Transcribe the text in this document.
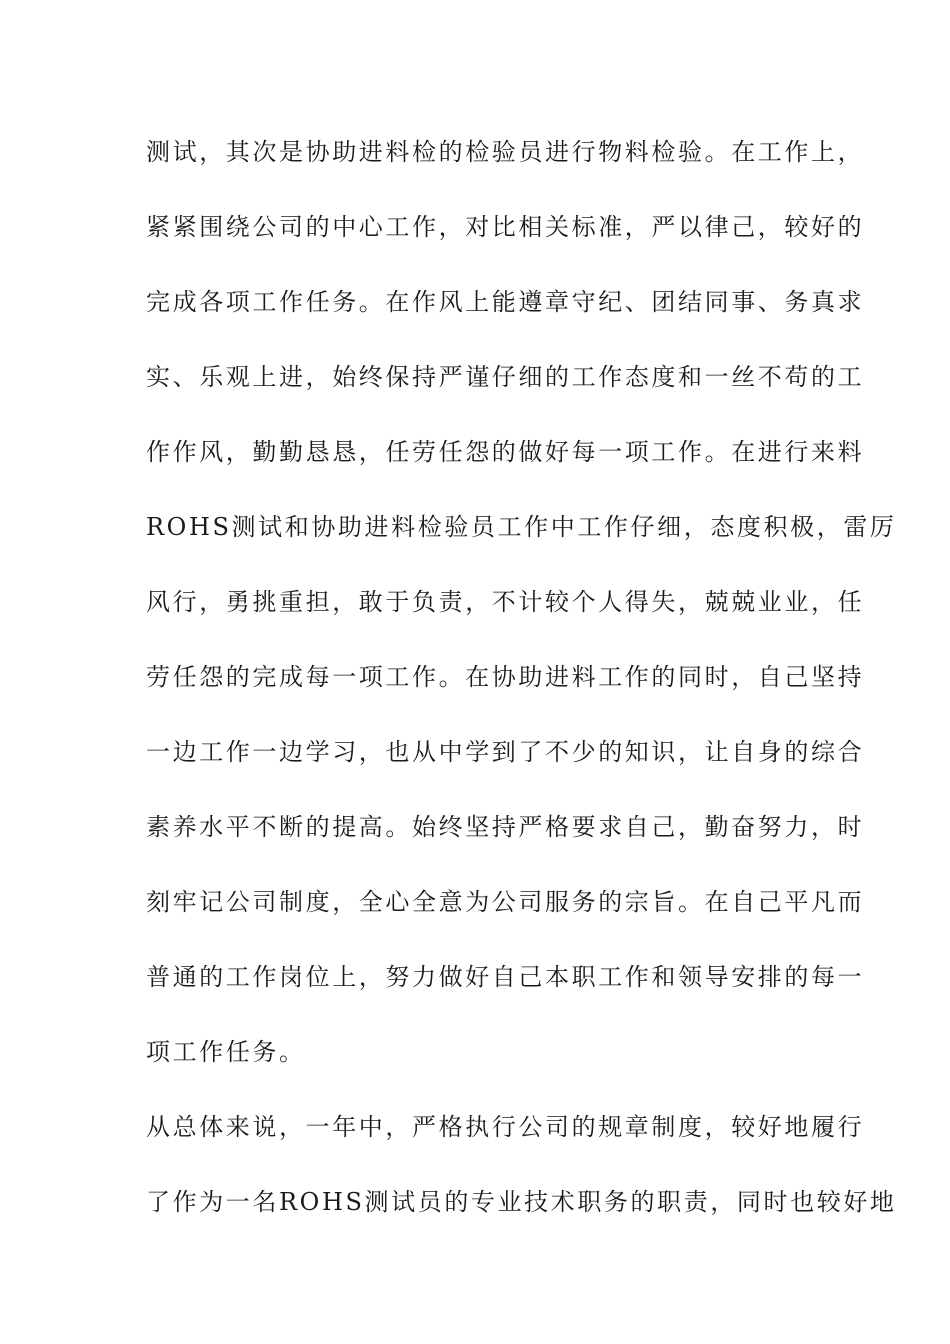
测试，其次是协助进料检的检验员进行物料检验。在工作上，
紧紧围绕公司的中心工作，对比相关标准，严以律己，较好的
完成各项工作任务。在作风上能遵章守纪、团结同事、务真求
实、乐观上进，始终保持严谨仔细的工作态度和一丝不苟的工
作作风，勤勤恳恳，任劳任怨的做好每一项工作。在进行来料
ROHS测试和协助进料检验员工作中工作仔细，态度积极，雷厉
风行，勇挑重担，敢于负责，不计较个人得失，兢兢业业，任
劳任怨的完成每一项工作。在协助进料工作的同时，自己坚持
一边工作一边学习，也从中学到了不少的知识，让自身的综合
素养水平不断的提高。始终坚持严格要求自己，勤奋努力，时
刻牢记公司制度，全心全意为公司服务的宗旨。在自己平凡而
普通的工作岗位上，努力做好自己本职工作和领导安排的每一
项工作任务。
从总体来说，一年中，严格执行公司的规章制度，较好地履行
了作为一名ROHS测试员的专业技术职务的职责，同时也较好地
